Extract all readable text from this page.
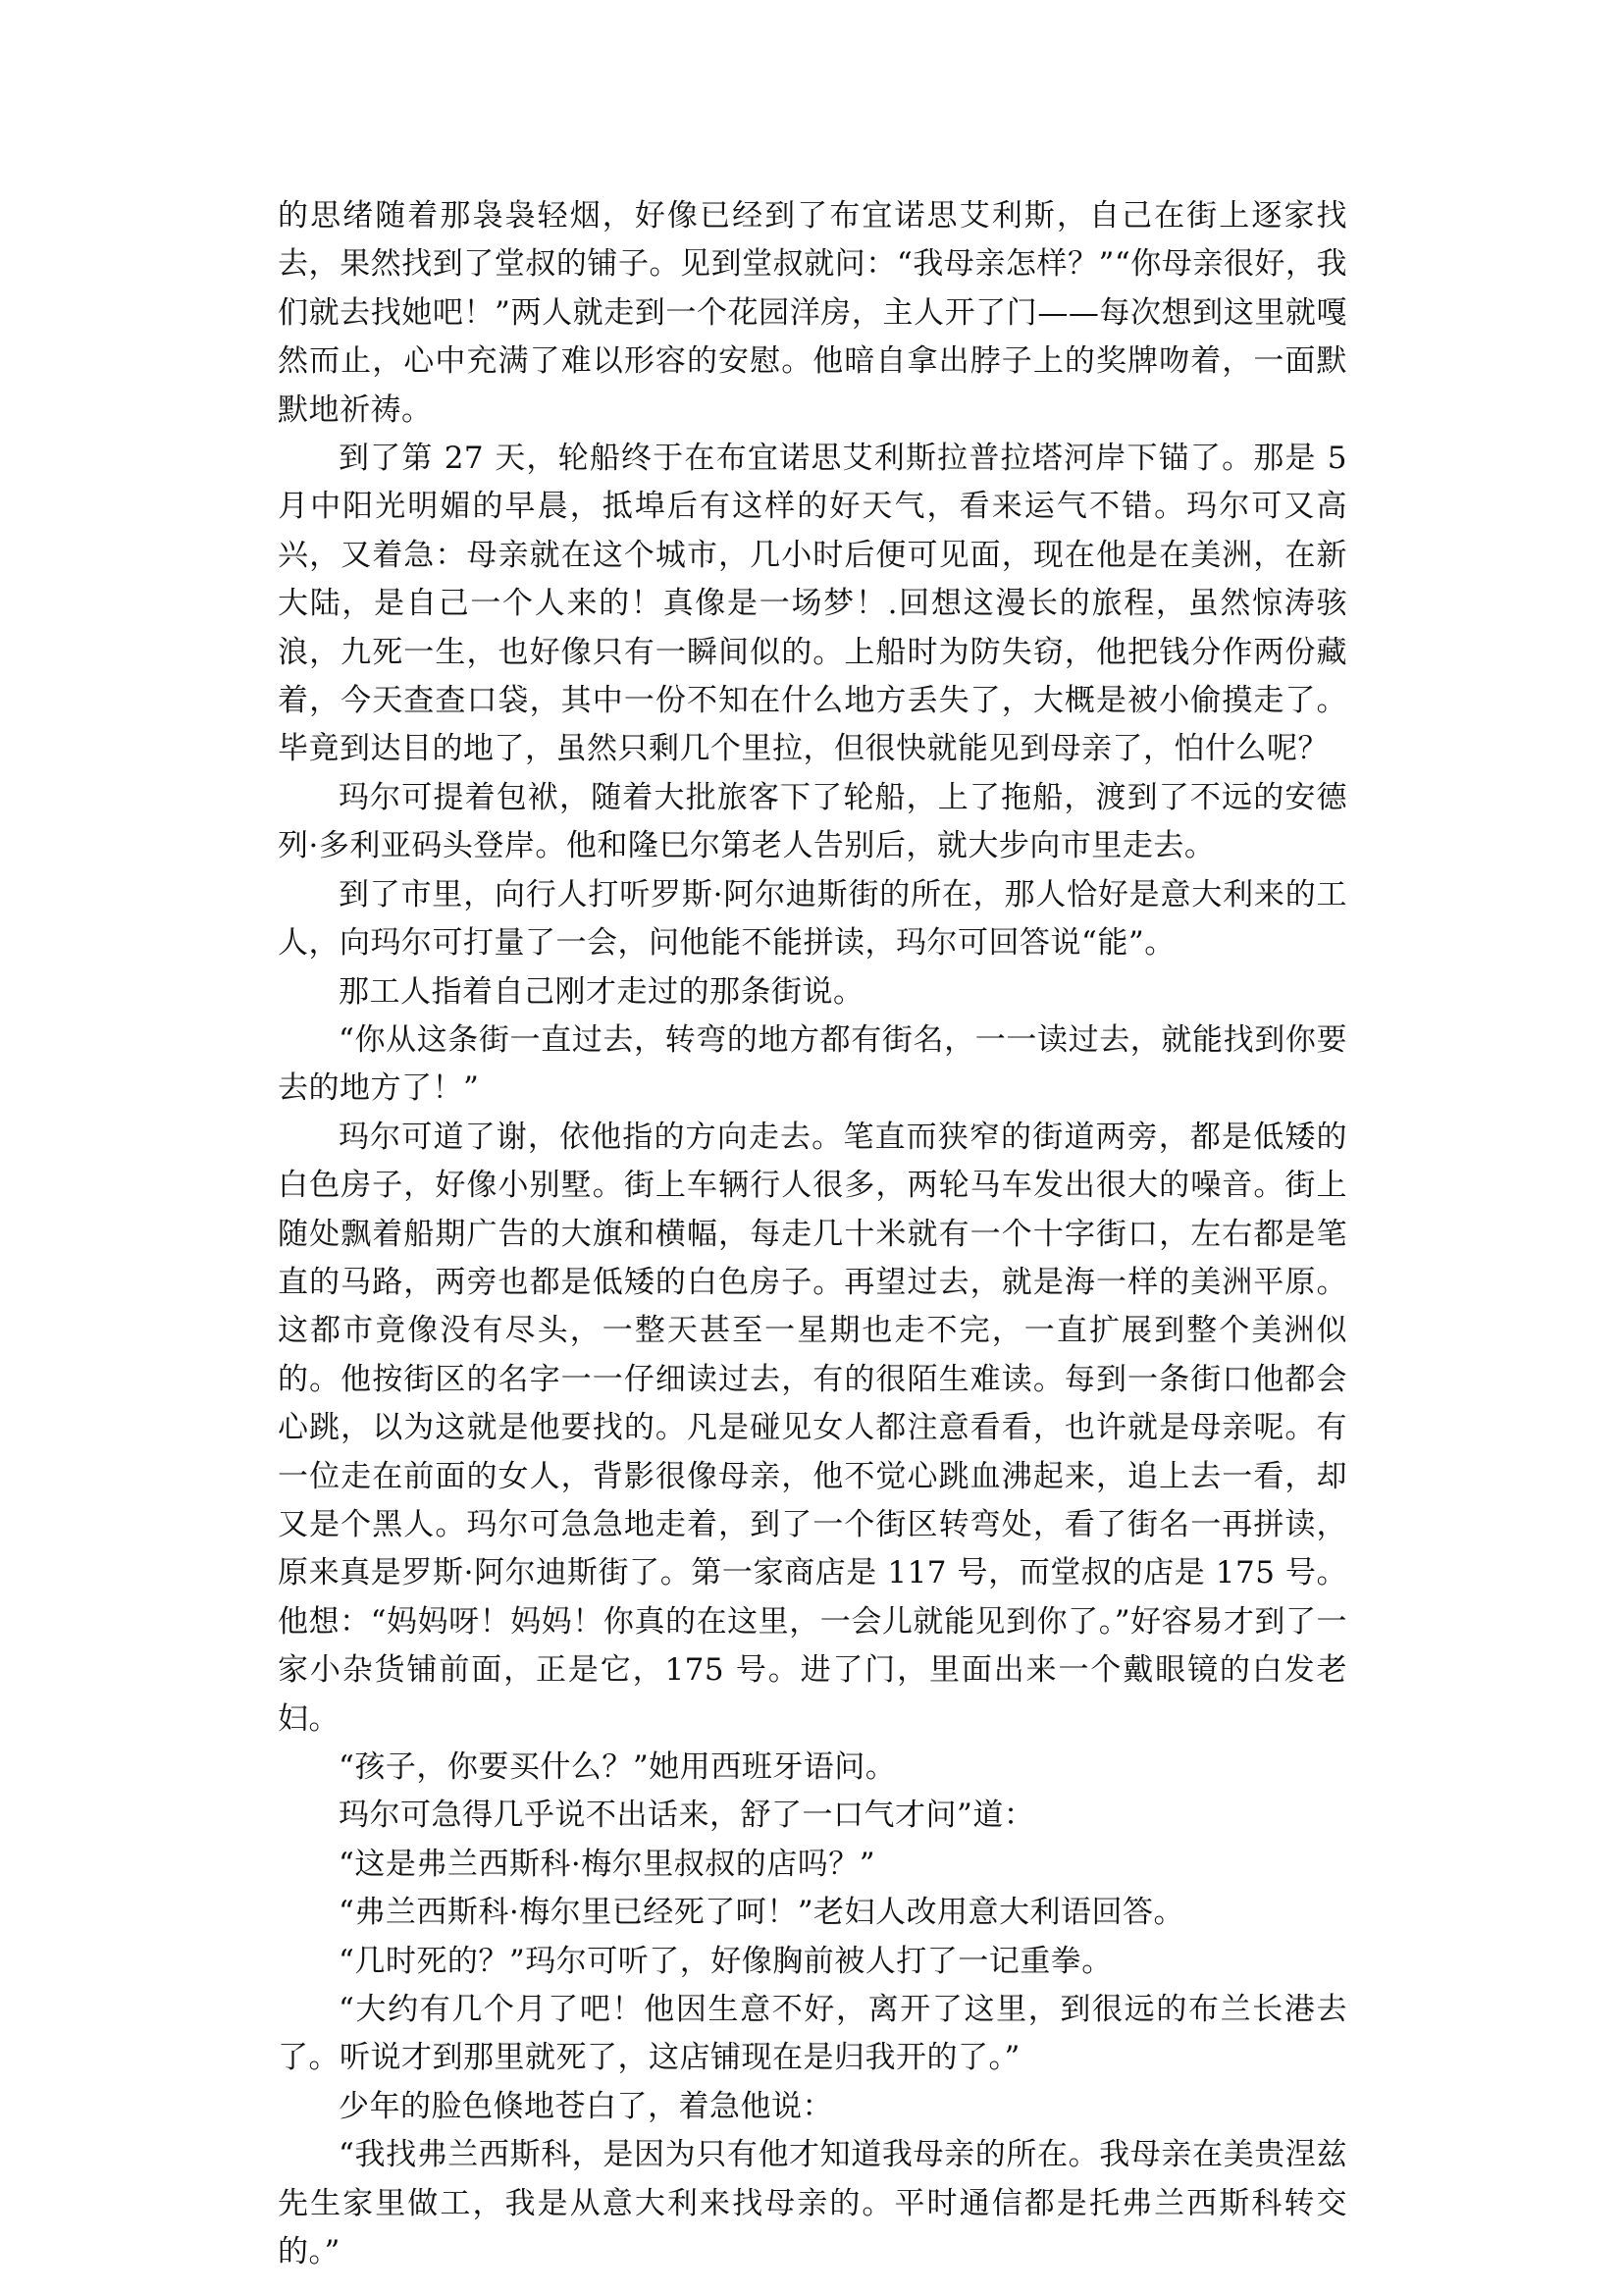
的思绪随着那袅袅轻烟，好像已经到了布宜诺思艾利斯，自己在街上逐家找去，果然找到了堂叔的铺子。见到堂叔就问：“我母亲怎样？”“你母亲很好，我们就去找她吧！”两人就走到一个花园洋房，主人开了门——每次想到这里就嘎然而止，心中充满了难以形容的安慰。他暗自拿出脖子上的奖牌吻着，一面默默地祈祷。

到了第 27 天，轮船终于在布宜诺思艾利斯拉普拉塔河岸下锚了。那是 5月中阳光明媚的早晨，抵埠后有这样的好天气，看来运气不错。玛尔可又高兴，又着急：母亲就在这个城市，几小时后便可见面，现在他是在美洲，在新大陆，是自己一个人来的！真像是一场梦！.回想这漫长的旅程，虽然惊涛骇浪，九死一生，也好像只有一瞬间似的。上船时为防失窃，他把钱分作两份藏着，今天查查口袋，其中一份不知在什么地方丢失了，大概是被小偷摸走了。毕竟到达目的地了，虽然只剩几个里拉，但很快就能见到母亲了，怕什么呢？

玛尔可提着包袱，随着大批旅客下了轮船，上了拖船，渡到了不远的安德列·多利亚码头登岸。他和隆巳尔第老人告别后，就大步向市里走去。

到了市里，向行人打听罗斯·阿尔迪斯街的所在，那人恰好是意大利来的工人，向玛尔可打量了一会，问他能不能拼读，玛尔可回答说“能”。

那工人指着自己刚才走过的那条街说。

“你从这条街一直过去，转弯的地方都有街名，一一读过去，就能找到你要去的地方了！”

玛尔可道了谢，依他指的方向走去。笔直而狭窄的街道两旁，都是低矮的白色房子，好像小别墅。街上车辆行人很多，两轮马车发出很大的噪音。街上随处飘着船期广告的大旗和横幅，每走几十米就有一个十字街口，左右都是笔直的马路，两旁也都是低矮的白色房子。再望过去，就是海一样的美洲平原。这都市竟像没有尽头，一整天甚至一星期也走不完，一直扩展到整个美洲似的。他按街区的名字一一仔细读过去，有的很陌生难读。每到一条街口他都会心跳，以为这就是他要找的。凡是碰见女人都注意看看，也许就是母亲呢。有一位走在前面的女人，背影很像母亲，他不觉心跳血沸起来，追上去一看，却又是个黑人。玛尔可急急地走着，到了一个街区转弯处，看了街名一再拼读，原来真是罗斯·阿尔迪斯街了。第一家商店是 117 号，而堂叔的店是 175 号。他想：“妈妈呀！妈妈！你真的在这里，一会儿就能见到你了。”好容易才到了一家小杂货铺前面，正是它，175 号。进了门，里面出来一个戴眼镜的白发老妇。

“孩子，你要买什么？”她用西班牙语问。

玛尔可急得几乎说不出话来，舒了一口气才问”道：

“这是弗兰西斯科·梅尔里叔叔的店吗？”

“弗兰西斯科·梅尔里已经死了呵！”老妇人改用意大利语回答。

“几时死的？”玛尔可听了，好像胸前被人打了一记重拳。

“大约有几个月了吧！他因生意不好，离开了这里，到很远的布兰长港去了。听说才到那里就死了，这店铺现在是归我开的了。”

少年的脸色倏地苍白了，着急他说：

“我找弗兰西斯科，是因为只有他才知道我母亲的所在。我母亲在美贵涅兹先生家里做工，我是从意大利来找母亲的。平时通信都是托弗兰西斯科转交的。”
